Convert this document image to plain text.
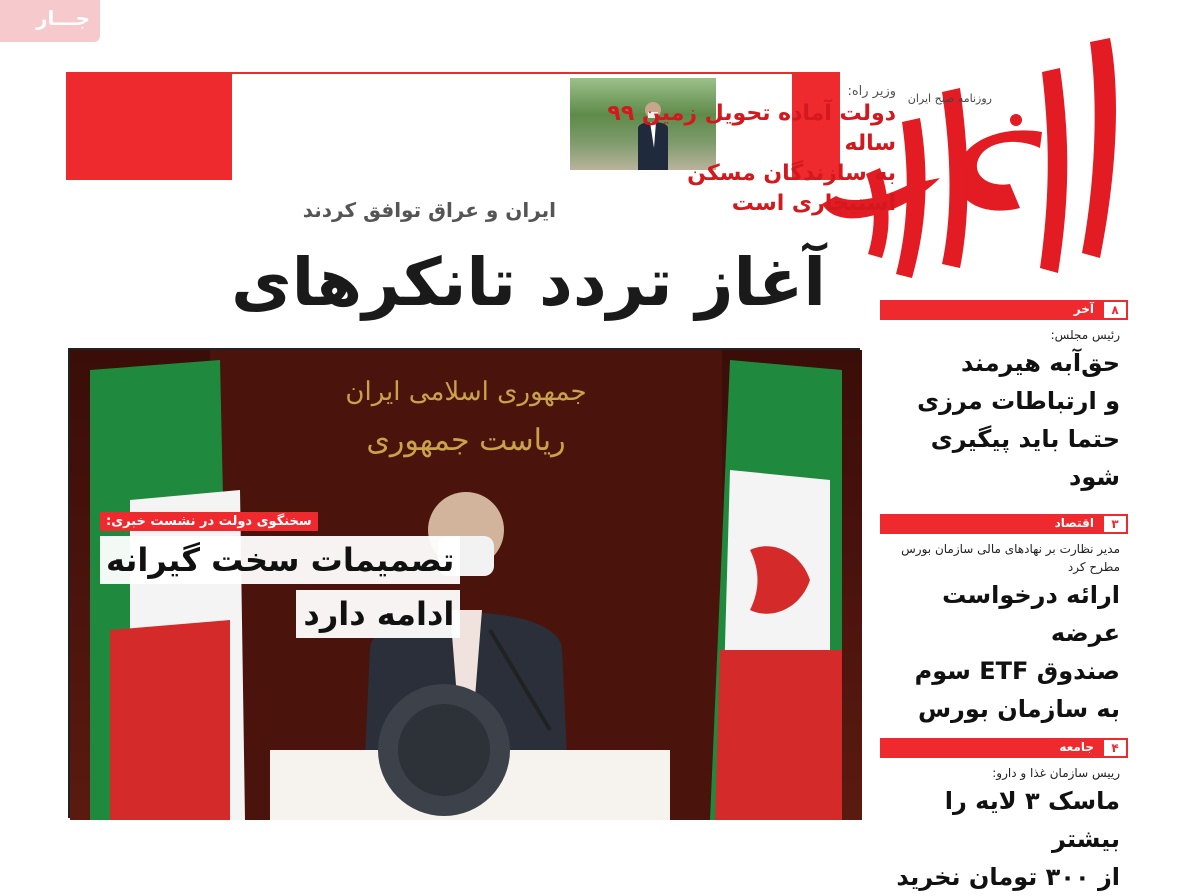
جـــار
روزنامه صبح ایران
وزیر راه:
دولت آماده تحویل زمین ۹۹ ساله
به سازندگان مسکن استیجاری است
ایران و عراق توافق کردند
آغاز تردد تانکرهای
جمهوری اسلامی ایران
ریاست جمهوری
سخنگوی دولت در نشست خبری:
تصمیمات سخت گیرانه
ادامه دارد
۸
آخر
رئیس مجلس:
حق‌آبه هیرمند
و ارتباطات مرزی
حتما باید پیگیری شود
۳
اقتصاد
مدیر نظارت بر نهادهای مالی سازمان بورس مطرح کرد
ارائه درخواست عرضه
صندوق ETF سوم
به سازمان بورس
۴
جامعه
رییس سازمان غذا و دارو:
ماسک ۳ لایه را بیشتر
از ۳۰۰ تومان نخرید
